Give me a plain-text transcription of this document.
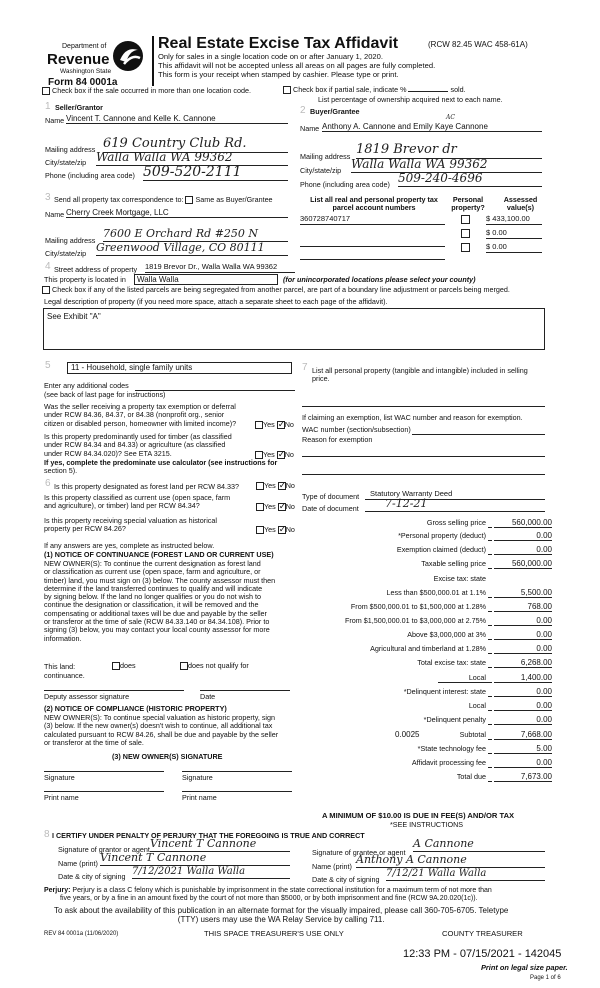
Department of
Revenue
Washington State
Form 84 0001a
Real Estate Excise Tax Affidavit	(RCW 82.45 WAC 458-61A)
Only for sales in a single location code on or after January 1, 2020.
This affidavit will not be accepted unless all areas on all pages are fully completed.
This form is your receipt when stamped by cashier. Please type or print.
Check box if the sale occurred in more than one location code.	Check box if partial sale, indicate %	sold.
List percentage of ownership acquired next to each name.
1 Seller/Grantor
Name Vincent T. Cannone and Kelle K. Cannone
Mailing address 619 Country Club Rd.
City/state/zip Walla Walla WA 99362
Phone (including area code) 509-520-2111
2 Buyer/Grantee
Name Anthony A. Cannone and Emily Kaye Cannone
AC
Mailing address 1819 Brevor dr
City/state/zip Walla Walla WA 99362
Phone (including area code) 509-240-4696
3 Send all property tax correspondence to: Same as Buyer/Grantee
Name Cherry Creek Mortgage, LLC
Mailing address
7600 E Orchard Rd #250 N
City/state/zip Greenwood Village, CO 80111
List all real and personal property tax
parcel account numbers
Personal
property?
Assessed
value(s)
360728740717	$ 433,100.00
$ 0.00
$ 0.00
4 Street address of property 1819 Brevor Dr., Walla Walla WA 99362
This property is located in	Walla Walla	(for unincorporated locations please select your county)
Check box if any of the listed parcels are being segregated from another parcel, are part of a boundary line adjustment or parcels being merged.
Legal description of property (if you need more space, attach a separate sheet to each page of the affidavit).
See Exhibit "A"
5	11 - Household, single family units
Enter any additional codes
(see back of last page for instructions)
Was the seller receiving a property tax exemption or deferral
under RCW 84.36, 84.37, or 84.38 (nonprofit org., senior
citizen or disabled person, homeowner with limited income)?	Yes ✓ No
Is this property predominantly used for timber (as classified
under RCW 84.34 and 84.33) or agriculture (as classified
under RCW 84.34.020)? See ETA 3215.	Yes ✓ No
If yes, complete the predominate use calculator (see instructions for
section 5).
6 Is this property designated as forest land per RCW 84.33?	Yes ✓ No
Is this property classified as current use (open space, farm
and agriculture), or timber) land per RCW 84.34?	Yes ✓ No
Is this property receiving special valuation as historical
property per RCW 84.26?	Yes ✓ No
If any answers are yes, complete as instructed below.
(1) NOTICE OF CONTINUANCE (FOREST LAND OR CURRENT USE)
NEW OWNER(S): To continue the current designation as forest land
or classification as current use (open space, farm and agriculture, or
timber) land, you must sign on (3) below. The county assessor must then
determine if the land transferred continues to qualify and will indicate
by signing below. If the land no longer qualifies or you do not wish to
continue the designation or classification, it will be removed and the
compensating or additional taxes will be due and payable by the seller
or transferor at the time of sale (RCW 84.33.140 or 84.34.108). Prior to
signing (3) below, you may contact your local county assessor for more
information.
This land:	does	does not qualify for
continuance.
Deputy assessor signature	Date
(2) NOTICE OF COMPLIANCE (HISTORIC PROPERTY)
NEW OWNER(S): To continue special valuation as historic property, sign
(3) below. If the new owner(s) doesn't wish to continue, all additional tax
calculated pursuant to RCW 84.26, shall be due and payable by the seller
or transferor at the time of sale.
(3) NEW OWNER(S) SIGNATURE
Signature	Signature
Print name	Print name
7 List all personal property (tangible and intangible) included in selling
price.
If claiming an exemption, list WAC number and reason for exemption.
WAC number (section/subsection)
Reason for exemption
Type of document	Statutory Warranty Deed
Date of document	7-12-21
Gross selling price	560,000.00
*Personal property (deduct)	0.00
Exemption claimed (deduct)	0.00
Taxable selling price	560,000.00
Excise tax: state
Less than $500,000.01 at 1.1%	5,500.00
From $500,000.01 to $1,500,000 at 1.28%	768.00
From $1,500,000.01 to $3,000,000 at 2.75%	0.00
Above $3,000,000 at 3%	0.00
Agricultural and timberland at 1.28%	0.00
Total excise tax: state	6,268.00
Local	1,400.00
*Delinquent interest: state	0.00
Local	0.00
*Delinquent penalty	0.00
Subtotal	7,668.00
*State technology fee	5.00
Affidavit processing fee	0.00
Total due	7,673.00
0.0025
A MINIMUM OF $10.00 IS DUE IN FEE(S) AND/OR TAX
*SEE INSTRUCTIONS
8 I CERTIFY UNDER PENALTY OF PERJURY THAT THE FOREGOING IS TRUE AND CORRECT
Signature of grantor or agent Vincent T Cannone
Name (print) Vincent T Cannone
Date & city of signing 7/12/2021 Walla Walla
Signature of grantee or agent
A Cannone
Name (print)
Anthony A Cannone
Date & city of signing
7/12/21 Walla Walla
Perjury: Perjury is a class C felony which is punishable by imprisonment in the state correctional institution for a maximum term of not more than
five years, or by a fine in an amount fixed by the court of not more than $5000, or by both imprisonment and fine (RCW 9A.20.020(1c)).
To ask about the availability of this publication in an alternate format for the visually impaired, please call 360-705-6705. Teletype
(TTY) users may use the WA Relay Service by calling 711.
REV 84 0001a (11/06/2020)	THIS SPACE TREASURER'S USE ONLY	COUNTY TREASURER
12:33 PM - 07/15/2021 - 142045
Print on legal size paper.
Page 1 of 6
